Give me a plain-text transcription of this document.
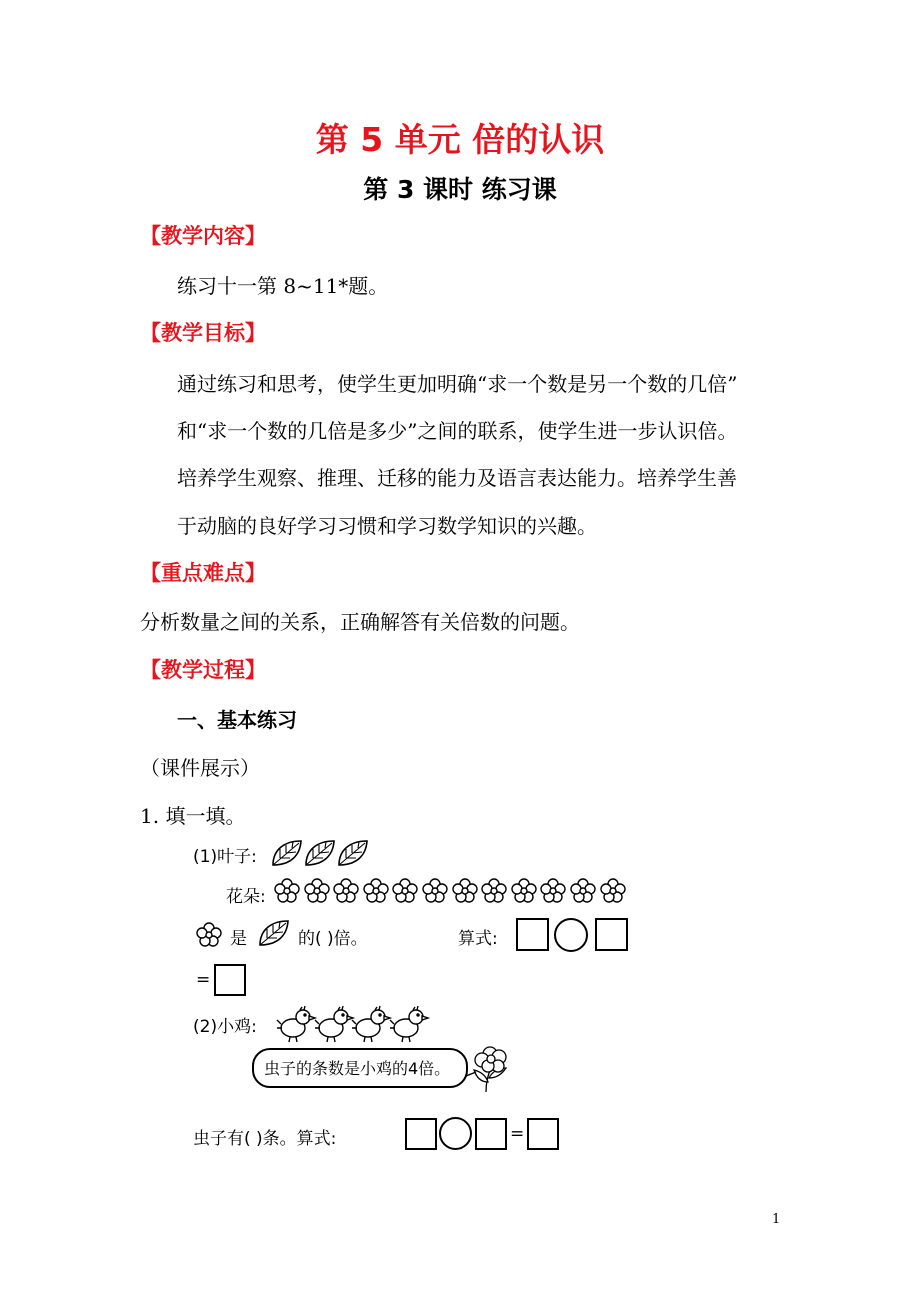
第 5 单元 倍的认识
第 3 课时 练习课
【教学内容】
练习十一第 8~11*题。
【教学目标】
通过练习和思考，使学生更加明确“求一个数是另一个数的几倍”
和“求一个数的几倍是多少”之间的联系，使学生进一步认识倍。
培养学生观察、推理、迁移的能力及语言表达能力。培养学生善
于动脑的良好学习习惯和学习数学知识的兴趣。
【重点难点】
分析数量之间的关系，正确解答有关倍数的问题。
【教学过程】
一、基本练习
（课件展示）
1. 填一填。
(1)叶子:
花朵:
是	的( )倍。	算式:
=
(2)小鸡:
虫子的条数是小鸡的4倍。
虫子有( )条。算式:	=
1
